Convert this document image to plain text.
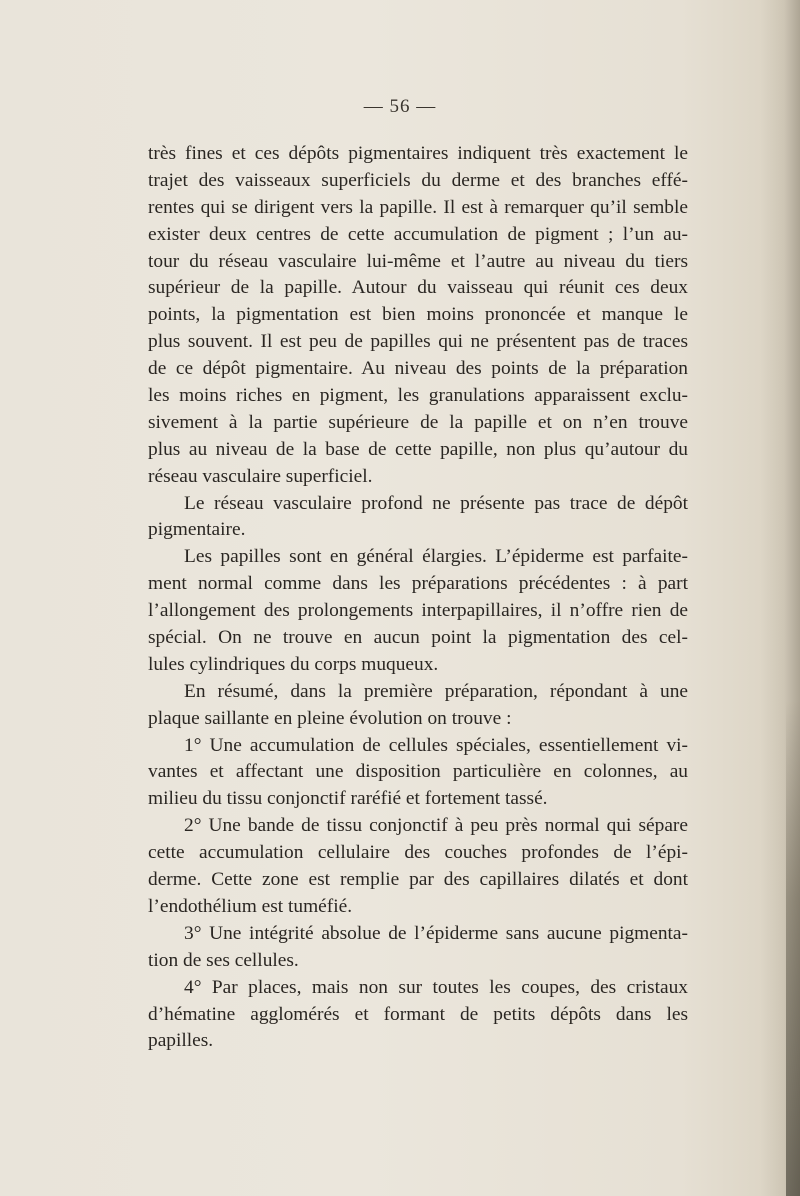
— 56 —
très fines et ces dépôts pigmentaires indiquent très exactement le
trajet des vaisseaux superficiels du derme et des branches effé-
rentes qui se dirigent vers la papille. Il est à remarquer qu’il semble
exister deux centres de cette accumulation de pigment ; l’un au-
tour du réseau vasculaire lui-même et l’autre au niveau du tiers
supérieur de la papille. Autour du vaisseau qui réunit ces deux
points, la pigmentation est bien moins prononcée et manque le
plus souvent. Il est peu de papilles qui ne présentent pas de traces
de ce dépôt pigmentaire. Au niveau des points de la préparation
les moins riches en pigment, les granulations apparaissent exclu-
sivement à la partie supérieure de la papille et on n’en trouve
plus au niveau de la base de cette papille, non plus qu’autour du
réseau vasculaire superficiel.
Le réseau vasculaire profond ne présente pas trace de dépôt
pigmentaire.
Les papilles sont en général élargies. L’épiderme est parfaite-
ment normal comme dans les préparations précédentes : à part
l’allongement des prolongements interpapillaires, il n’offre rien de
spécial. On ne trouve en aucun point la pigmentation des cel-
lules cylindriques du corps muqueux.
En résumé, dans la première préparation, répondant à une
plaque saillante en pleine évolution on trouve :
1° Une accumulation de cellules spéciales, essentiellement vi-
vantes et affectant une disposition particulière en colonnes, au
milieu du tissu conjonctif raréfié et fortement tassé.
2° Une bande de tissu conjonctif à peu près normal qui sépare
cette accumulation cellulaire des couches profondes de l’épi-
derme. Cette zone est remplie par des capillaires dilatés et dont
l’endothélium est tuméfié.
3° Une intégrité absolue de l’épiderme sans aucune pigmenta-
tion de ses cellules.
4° Par places, mais non sur toutes les coupes, des cristaux
d’hématine agglomérés et formant de petits dépôts dans les
papilles.
